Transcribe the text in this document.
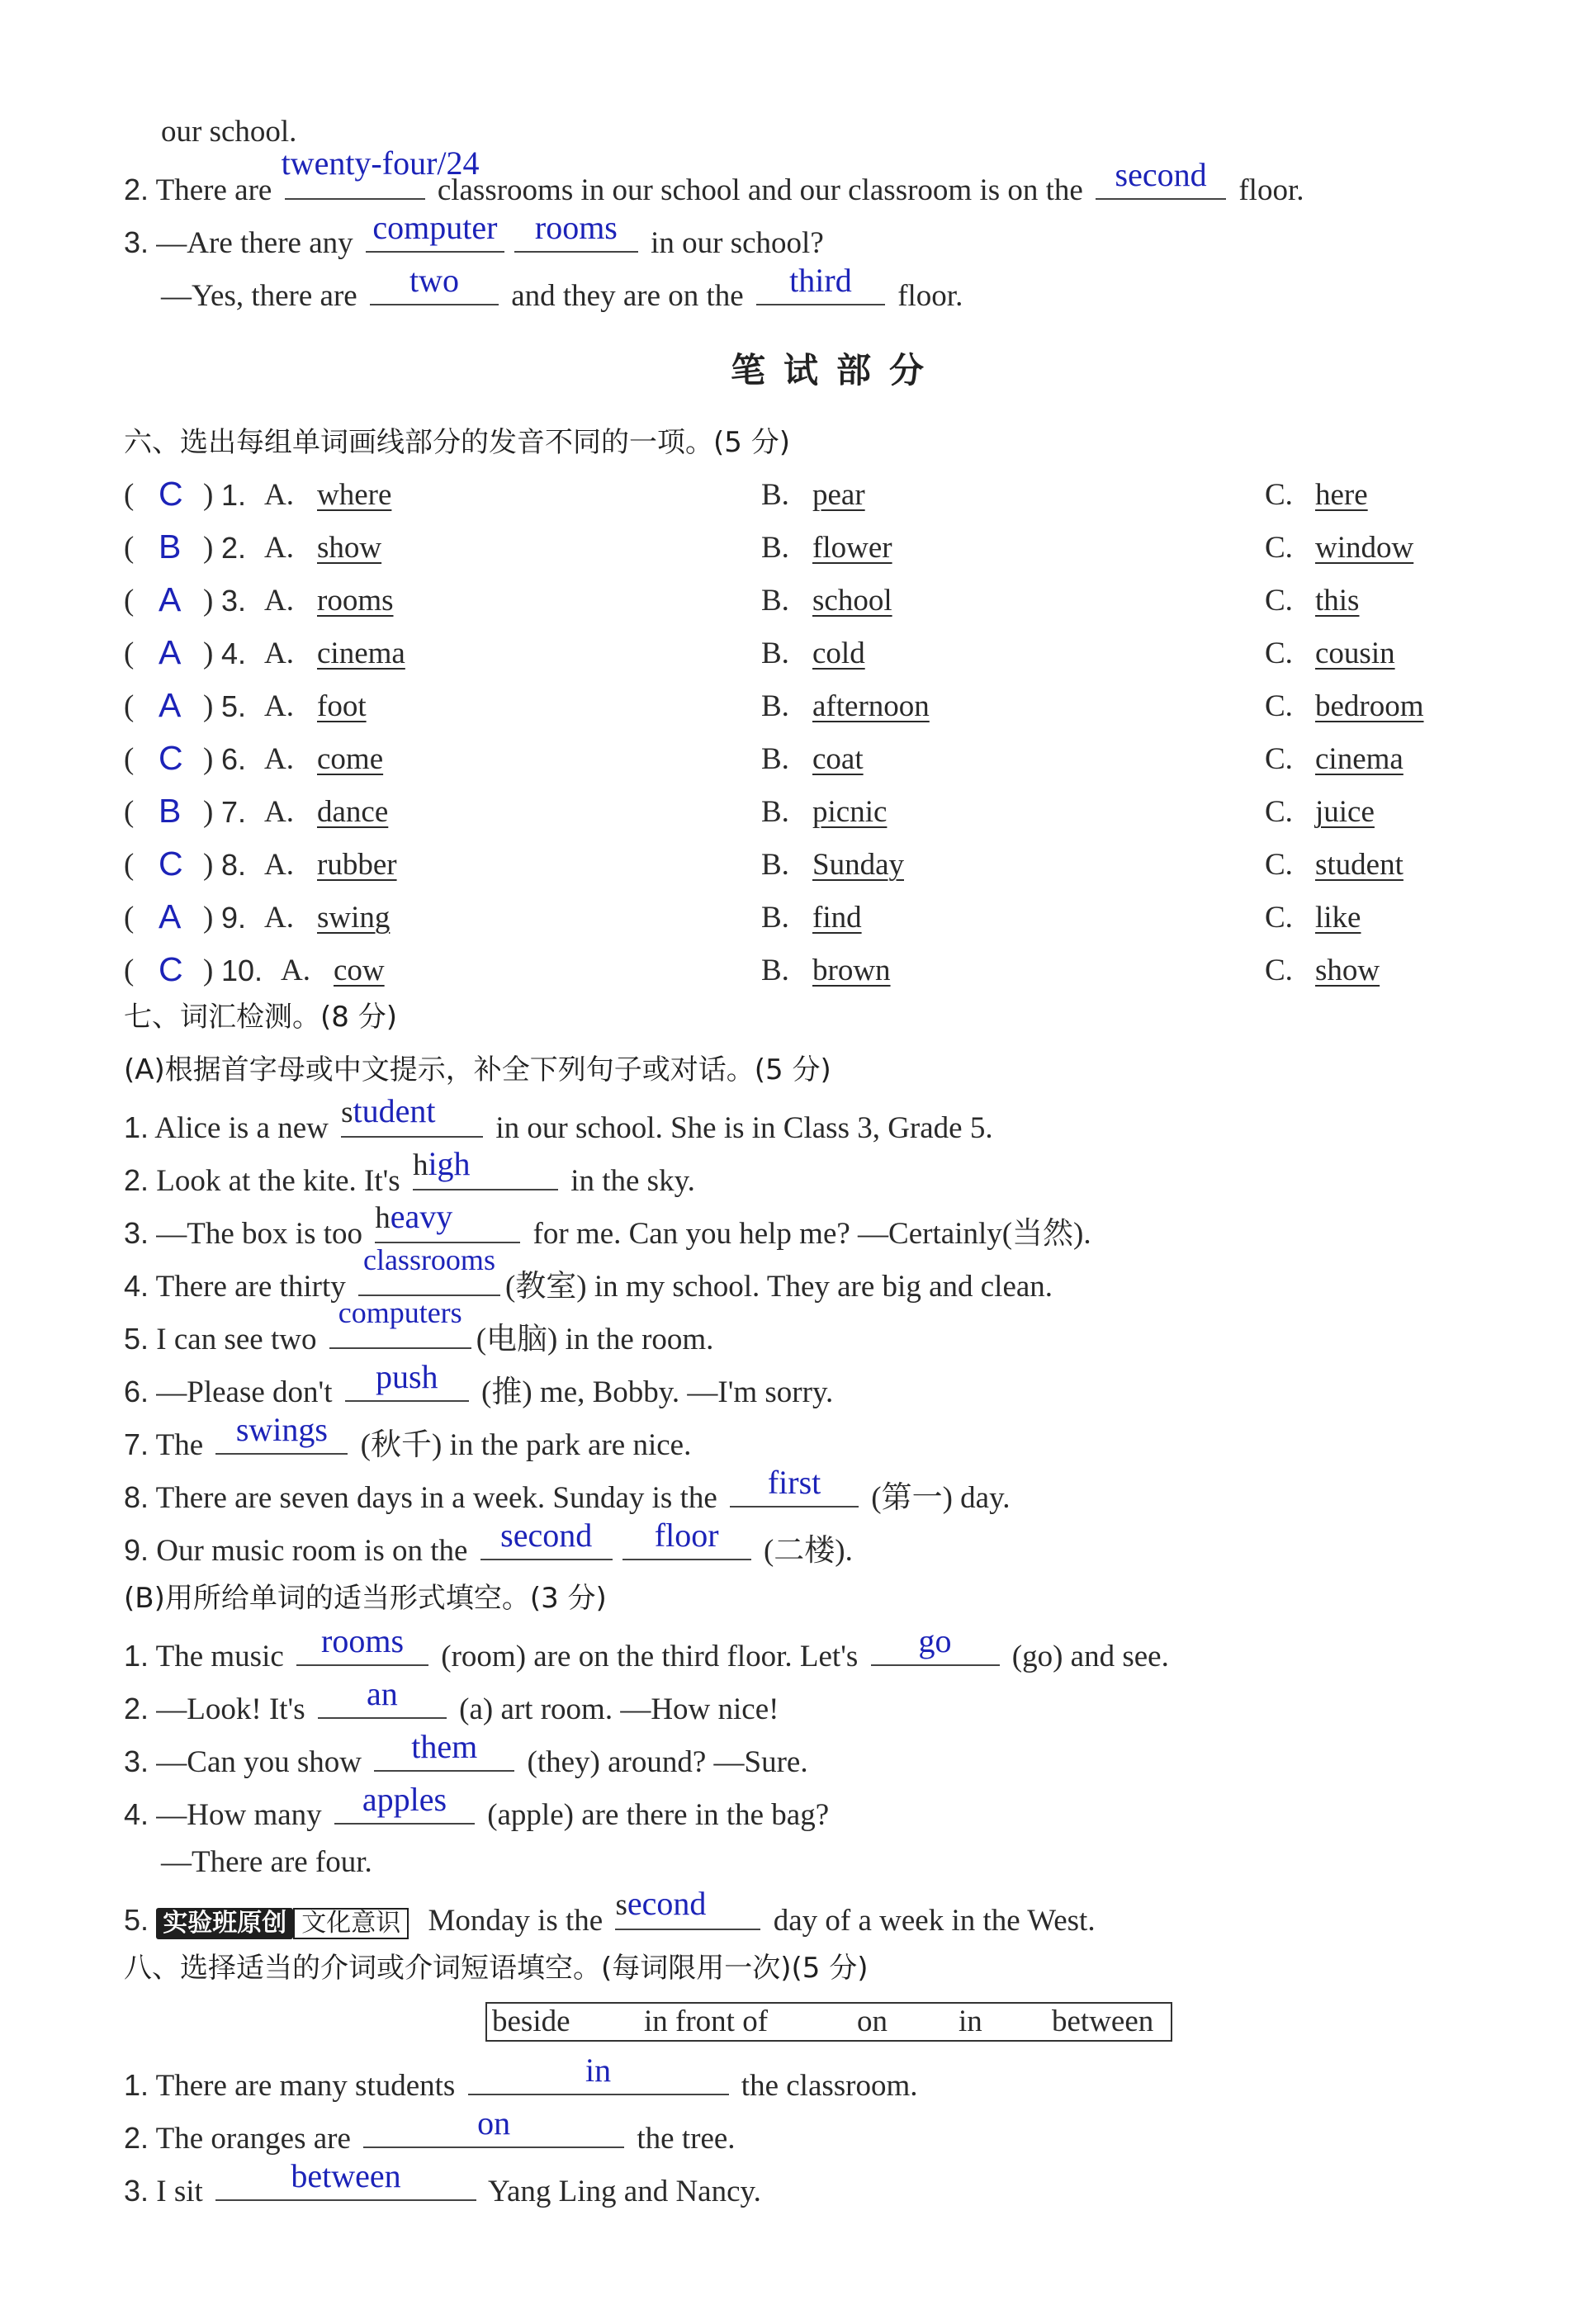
our school.
2. There are
twenty-four/24
classrooms in our school and our classroom is on the second	floor.
3. —Are there any computer	rooms	in our school?
—Yes, there are	two	and they are on the	third	floor.
笔试部分
六、选出每组单词画线部分的发音不同的一项。(5 分)
( C ) 1. A. where	B. pear	C. here
( B ) 2. A. show	B. flower	C. window
( A ) 3. A. rooms	B. school	C. this
( A ) 4. A. cinema	B. cold	C. cousin
( A ) 5. A. foot	B. afternoon	C. bedroom
( C ) 6. A. come	B. coat	C. cinema
( B ) 7. A. dance	B. picnic	C. juice
( C ) 8. A. rubber	B. Sunday	C. student
( A ) 9. A. swing	B. find	C. like
( C ) 10. A. cow	B. brown	C. show
七、词汇检测。(8 分)
(A)根据首字母或中文提示，补全下列句子或对话。(5 分)
1. Alice is a new student	in our school. She is in Class 3, Grade 5.
2. Look at the kite. It's high	in the sky.
3. —The box is too heavy	for me. Can you help me? —Certainly(当然).
4. There are thirty
classrooms
(教室) in my school. They are big and clean.
5. I can see two
computers
(电脑) in the room.
6. —Please don't	push	(推) me, Bobby. —I'm sorry.
7. The swings	(秋千) in the park are nice.
8. There are seven days in a week. Sunday is the	first	(第一) day.
9. Our music room is on the second	floor	(二楼).
(B)用所给单词的适当形式填空。(3 分)
1. The music	rooms	(room) are on the third floor. Let's	go	(go) and see.
2. —Look! It's	an	(a) art room. —How nice!
3. —Can you show	them	(they) around? —Sure.
4. —How many	apples	(apple) are there in the bag?
—There are four.
5. 实验班原创 文化意识 Monday is the second	day of a week in the West.
八、选择适当的介词或介词短语填空。(每词限用一次)(5 分)
beside in front of	on in between
1. There are many students	in	the classroom.
2. The oranges are	on	the tree.
3. I sit	between	Yang Ling and Nancy.
